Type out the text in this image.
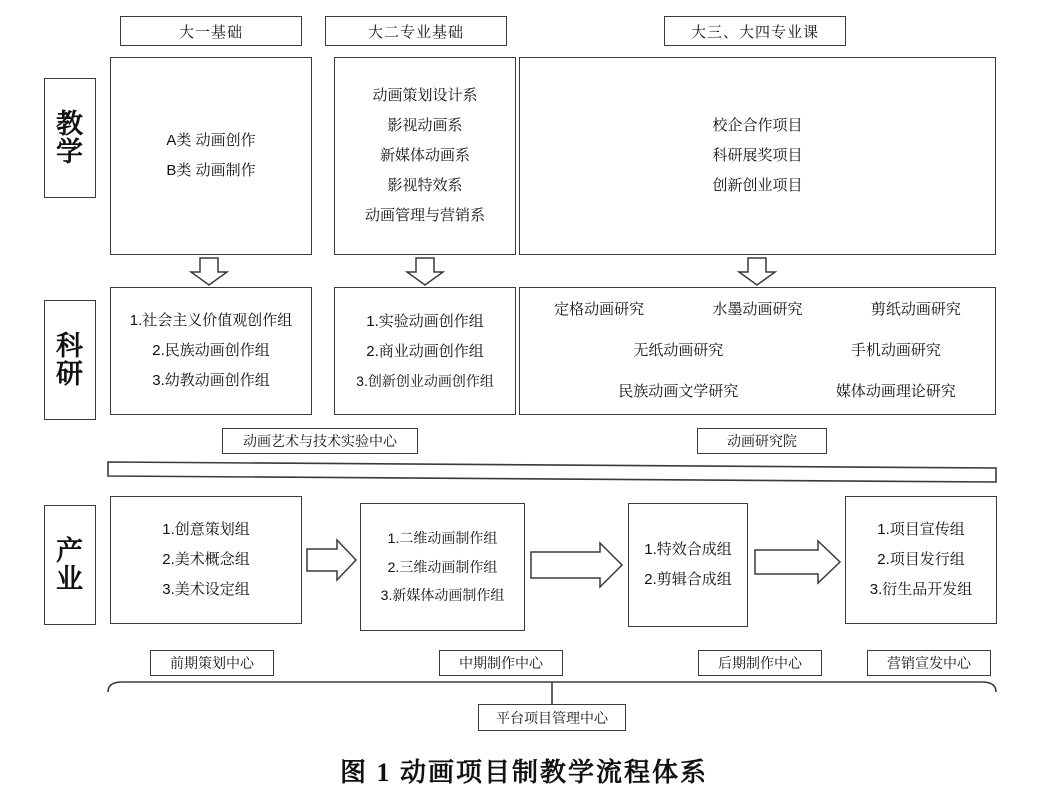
大一基础	大二专业基础	大三、大四专业课
教
学
科
研
产
业
A类 动画创作
B类 动画制作
动画策划设计系
影视动画系
新媒体动画系
影视特效系
动画管理与营销系
校企合作项目
科研展奖项目
创新创业项目
1.社会主义价值观创作组
2.民族动画创作组
3.幼教动画创作组
1.实验动画创作组
2.商业动画创作组
3.创新创业动画创作组
定格动画研究	水墨动画研究	剪纸动画研究
无纸动画研究	手机动画研究
民族动画文学研究	媒体动画理论研究
动画艺术与技术实验中心	动画研究院
1.创意策划组
2.美术概念组
3.美术设定组
1.二维动画制作组
2.三维动画制作组
3.新媒体动画制作组
1.特效合成组
2.剪辑合成组
1.项目宣传组
2.项目发行组
3.衍生品开发组
前期策划中心	中期制作中心	后期制作中心	营销宣发中心
平台项目管理中心
图 1 动画项目制教学流程体系
